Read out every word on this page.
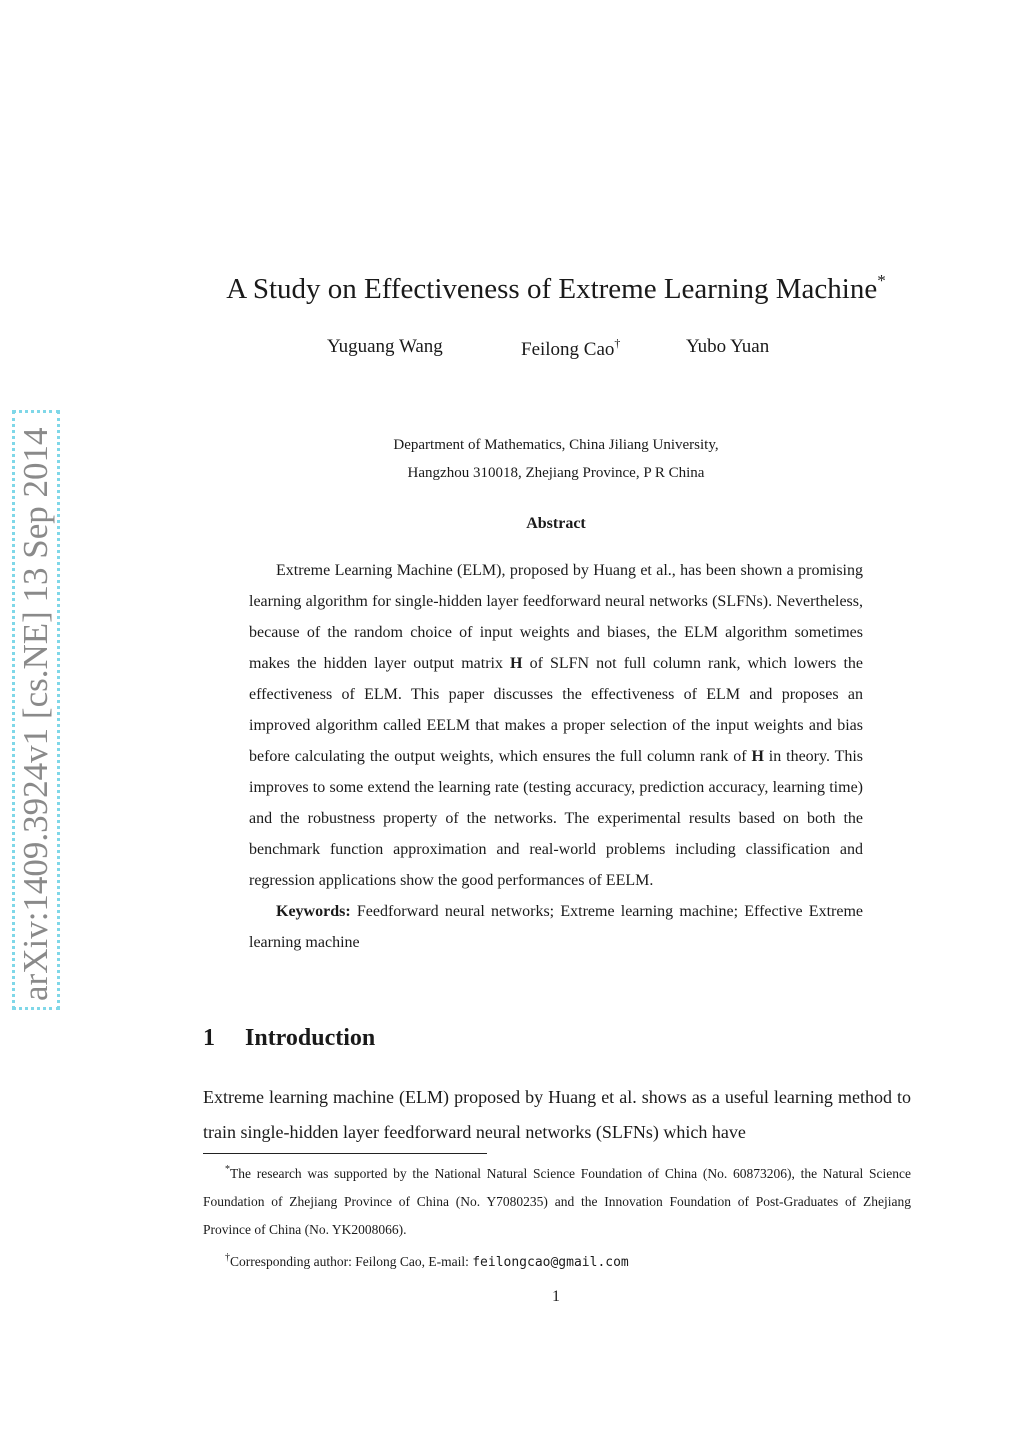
arXiv:1409.3924v1 [cs.NE] 13 Sep 2014
A Study on Effectiveness of Extreme Learning Machine*
Yuguang Wang	Feilong Cao†	Yubo Yuan
Department of Mathematics, China Jiliang University,
Hangzhou 310018, Zhejiang Province, P R China
Abstract

Extreme Learning Machine (ELM), proposed by Huang et al., has been shown a promising learning algorithm for single-hidden layer feedforward neural networks (SLFNs). Nevertheless, because of the random choice of input weights and biases, the ELM algorithm sometimes makes the hidden layer output matrix H of SLFN not full column rank, which lowers the effectiveness of ELM. This paper discusses the effectiveness of ELM and proposes an improved algorithm called EELM that makes a proper selection of the input weights and bias before calculating the output weights, which ensures the full column rank of H in theory. This improves to some extend the learning rate (testing accuracy, prediction accuracy, learning time) and the robustness property of the networks. The experimental results based on both the benchmark function approximation and real-world problems including classification and regression applications show the good performances of EELM.

Keywords: Feedforward neural networks; Extreme learning machine; Effective Extreme learning machine

1 Introduction

Extreme learning machine (ELM) proposed by Huang et al. shows as a useful learning method to train single-hidden layer feedforward neural networks (SLFNs) which have

*The research was supported by the National Natural Science Foundation of China (No. 60873206), the Natural Science Foundation of Zhejiang Province of China (No. Y7080235) and the Innovation Foundation of Post-Graduates of Zhejiang Province of China (No. YK2008066).

†Corresponding author: Feilong Cao, E-mail: feilongcao@gmail.com

1
